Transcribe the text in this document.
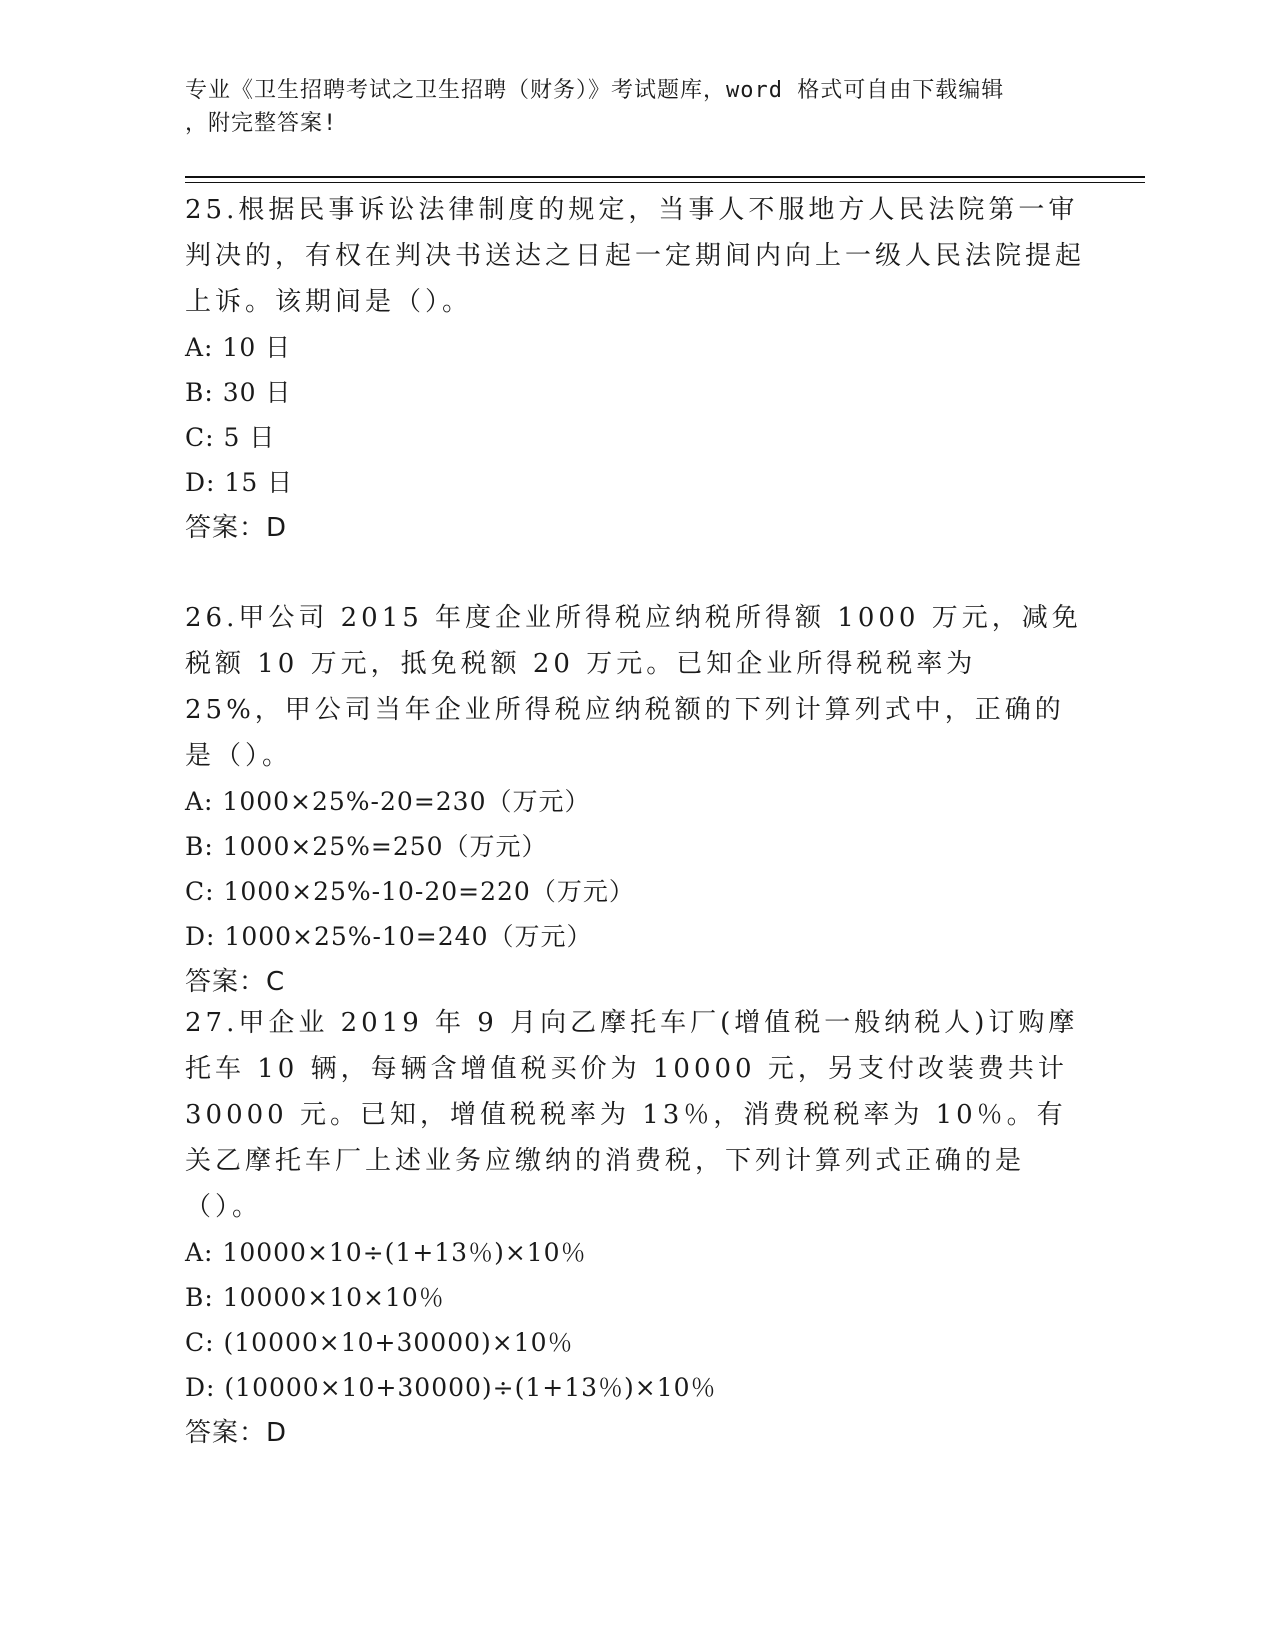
专业《卫生招聘考试之卫生招聘（财务）》考试题库，word 格式可自由下载编辑
，附完整答案!

25.根据民事诉讼法律制度的规定，当事人不服地方人民法院第一审判决的，有权在判决书送达之日起一定期间内向上一级人民法院提起上诉。该期间是（）。

A: 10 日
B: 30 日
C: 5 日
D: 15 日
答案：D

26.甲公司 2015 年度企业所得税应纳税所得额 1000 万元，减免税额 10 万元，抵免税额 20 万元。已知企业所得税税率为 25%，甲公司当年企业所得税应纳税额的下列计算列式中，正确的是（）。

A: 1000×25%-20=230（万元）
B: 1000×25%=250（万元）
C: 1000×25%-10-20=220（万元）
D: 1000×25%-10=240（万元）
答案：C

27.甲企业 2019 年 9 月向乙摩托车厂(增值税一般纳税人)订购摩托车 10 辆，每辆含增值税买价为 10000 元，另支付改装费共计 30000 元。已知，增值税税率为 13％，消费税税率为 10％。有关乙摩托车厂上述业务应缴纳的消费税，下列计算列式正确的是（）。

A: 10000×10÷(1+13％)×10％
B: 10000×10×10％
C: (10000×10+30000)×10％
D: (10000×10+30000)÷(1+13％)×10％
答案：D
